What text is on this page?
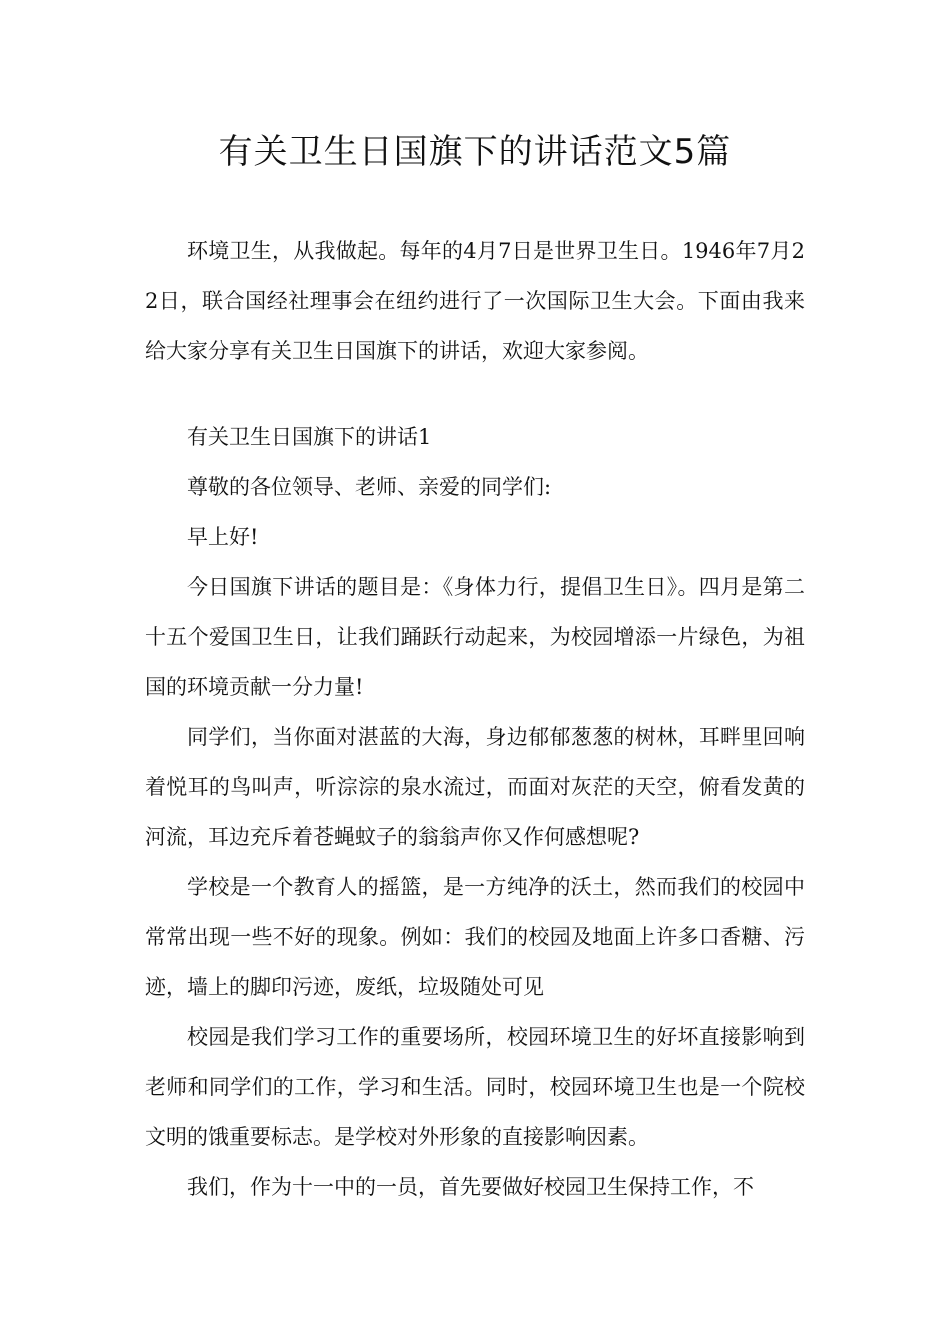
有关卫生日国旗下的讲话范文5篇

环境卫生，从我做起。每年的4月7日是世界卫生日。1946年7月22日，联合国经社理事会在纽约进行了一次国际卫生大会。下面由我来给大家分享有关卫生日国旗下的讲话，欢迎大家参阅。

有关卫生日国旗下的讲话1

尊敬的各位领导、老师、亲爱的同学们:

早上好!

今日国旗下讲话的题目是：《身体力行，提倡卫生日》。四月是第二十五个爱国卫生日，让我们踊跃行动起来，为校园增添一片绿色，为祖国的环境贡献一分力量!

同学们，当你面对湛蓝的大海，身边郁郁葱葱的树林，耳畔里回响着悦耳的鸟叫声，听淙淙的泉水流过，而面对灰茫的天空，俯看发黄的河流，耳边充斥着苍蝇蚊子的翁翁声你又作何感想呢?

学校是一个教育人的摇篮，是一方纯净的沃土，然而我们的校园中常常出现一些不好的现象。例如：我们的校园及地面上许多口香糖、污迹，墙上的脚印污迹，废纸，垃圾随处可见

校园是我们学习工作的重要场所，校园环境卫生的好坏直接影响到老师和同学们的工作，学习和生活。同时，校园环境卫生也是一个院校文明的饿重要标志。是学校对外形象的直接影响因素。

我们，作为十一中的一员，首先要做好校园卫生保持工作，不
